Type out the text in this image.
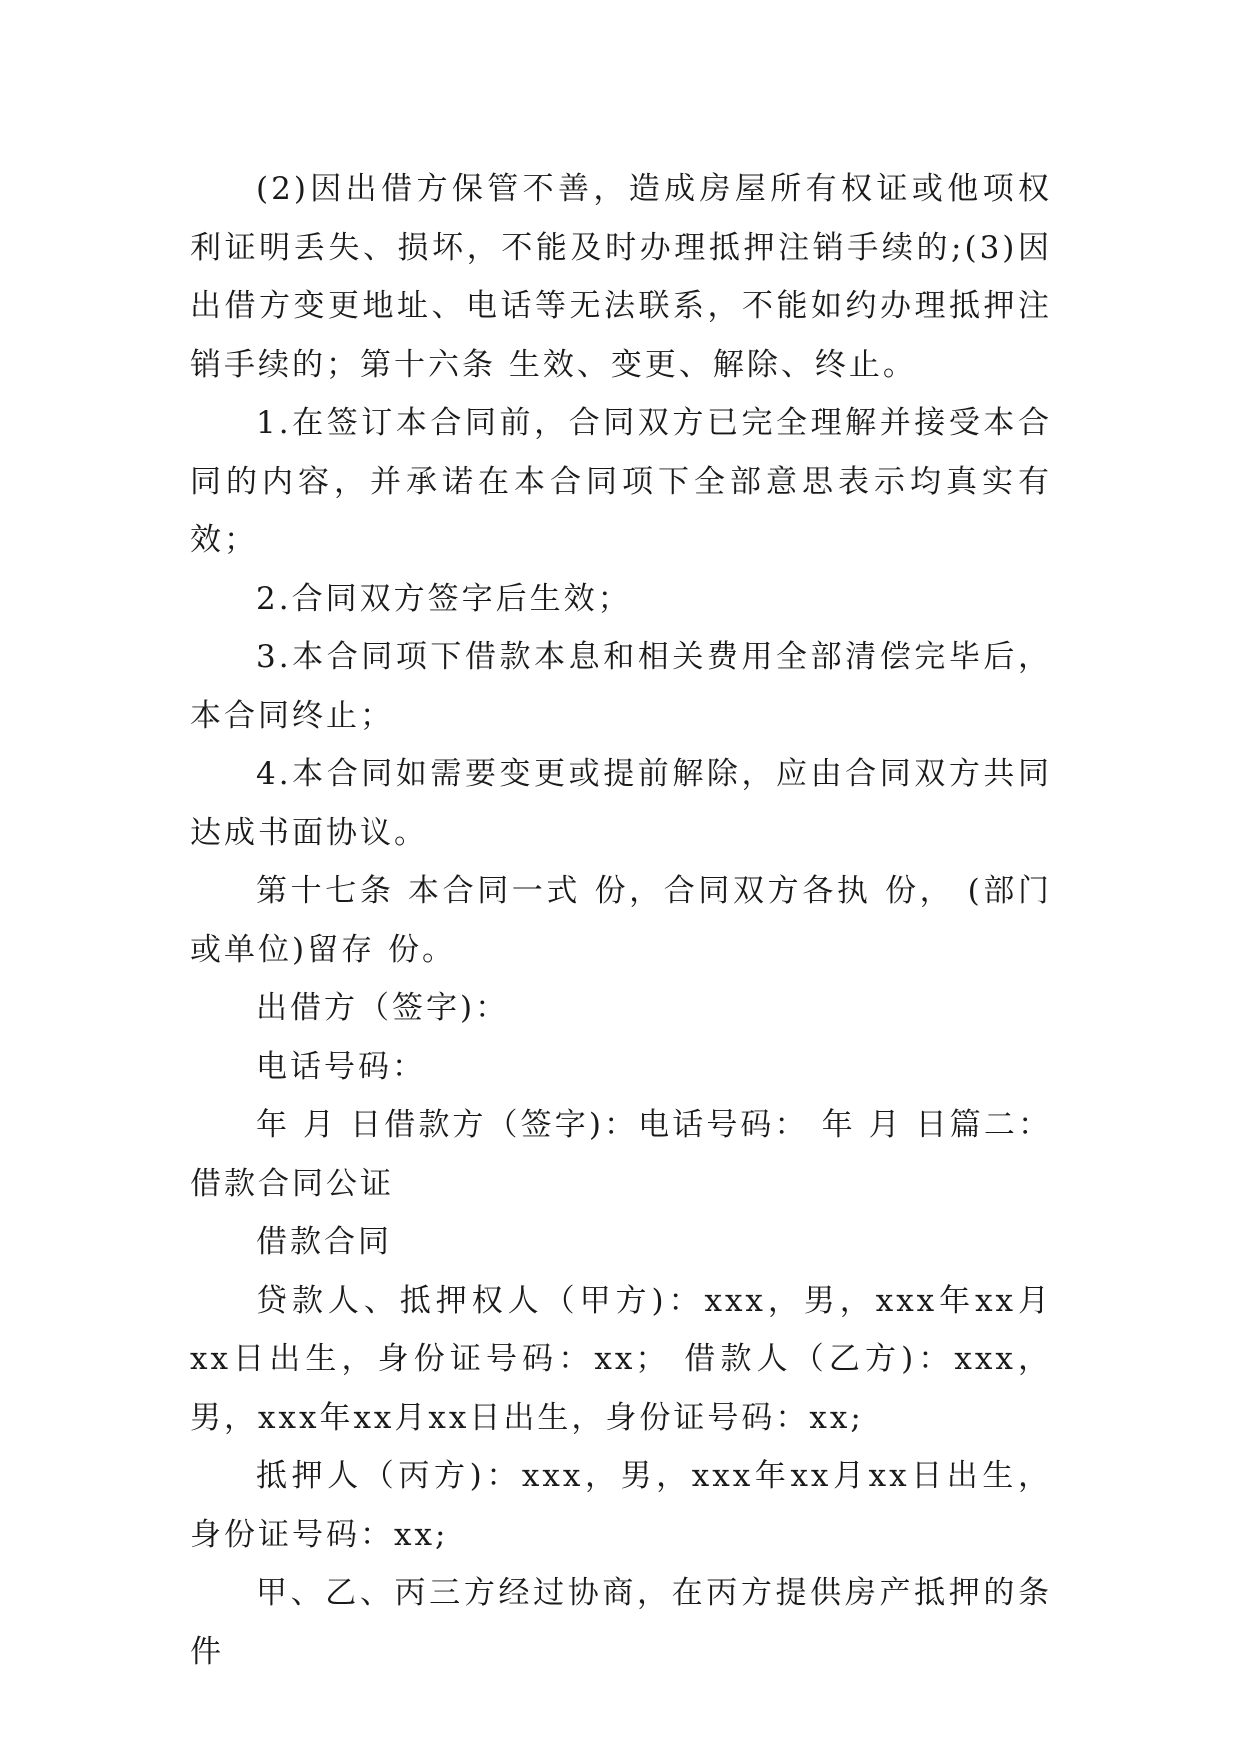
(2)因出借方保管不善，造成房屋所有权证或他项权利证明丢失、损坏，不能及时办理抵押注销手续的;(3)因出借方变更地址、电话等无法联系，不能如约办理抵押注销手续的；第十六条 生效、变更、解除、终止。

1.在签订本合同前，合同双方已完全理解并接受本合同的内容，并承诺在本合同项下全部意思表示均真实有效；

2.合同双方签字后生效；

3.本合同项下借款本息和相关费用全部清偿完毕后，本合同终止；

4.本合同如需要变更或提前解除，应由合同双方共同达成书面协议。

第十七条 本合同一式 份，合同双方各执 份， (部门或单位)留存 份。

出借方（签字)：

电话号码：

年 月 日借款方（签字)：电话号码： 年 月 日篇二：借款合同公证

借款合同

贷款人、抵押权人（甲方)：xxx，男，xxx年xx月xx日出生，身份证号码：xx； 借款人（乙方)：xxx，男，xxx年xx月xx日出生，身份证号码：xx;

抵押人（丙方)：xxx，男，xxx年xx月xx日出生，身份证号码：xx;

甲、乙、丙三方经过协商，在丙方提供房产抵押的条件
